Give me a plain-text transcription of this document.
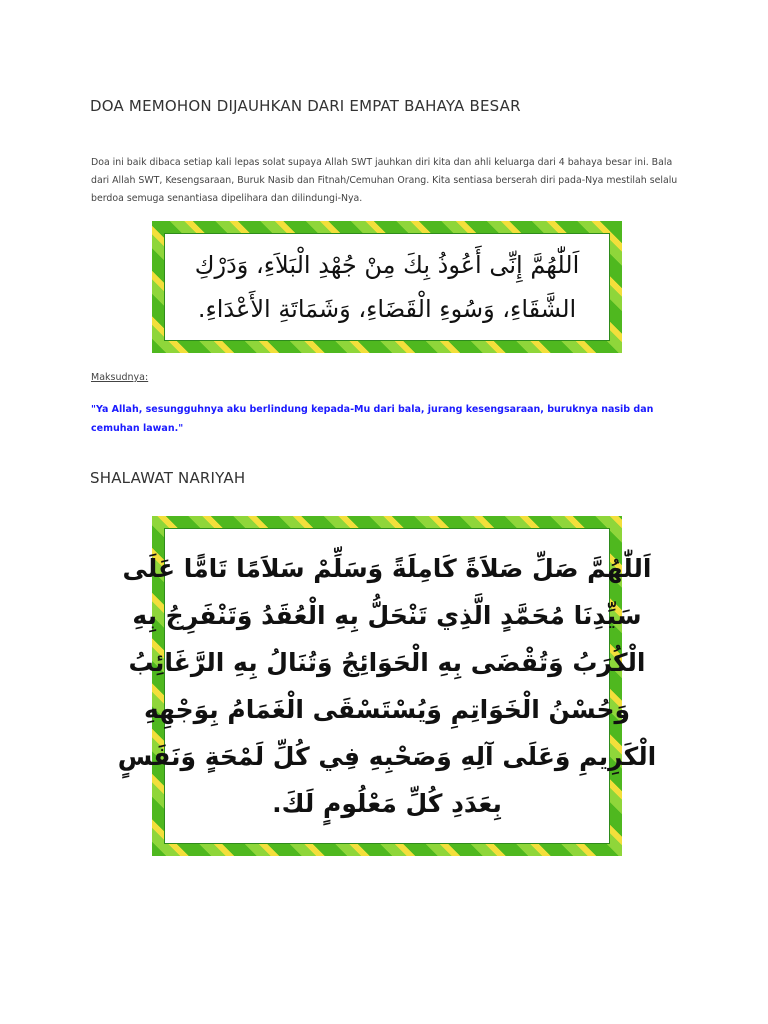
DOA MEMOHON DIJAUHKAN DARI EMPAT BAHAYA BESAR

Doa ini baik dibaca setiap kali lepas solat supaya Allah SWT jauhkan diri kita dan ahli keluarga dari 4 bahaya besar ini. Bala dari Allah SWT, Kesengsaraan, Buruk Nasib dan Fitnah/Cemuhan Orang. Kita sentiasa berserah diri pada-Nya mestilah selalu berdoa semuga senantiasa dipelihara dan dilindungi-Nya.

اَللّٰهُمَّ إِنِّى أَعُوذُ بِكَ مِنْ جُهْدِ الْبَلاَءِ، وَدَرْكِ
الشَّقَاءِ، وَسُوءِ الْقَضَاءِ، وَشَمَاتَةِ الأَعْدَاءِ.
Maksudnya:

"Ya Allah, sesungguhnya aku berlindung kepada-Mu dari bala, jurang kesengsaraan, buruknya nasib dan cemuhan lawan."

SHALAWAT NARIYAH
اَللّٰهُمَّ صَلِّ صَلاَةً كَامِلَةً وَسَلِّمْ سَلاَمًا تَامًّا عَلَى
سَيِّدِنَا مُحَمَّدٍ الَّذِي تَنْحَلُّ بِهِ الْعُقَدُ وَتَنْفَرِجُ بِهِ
الْكُرَبُ وَتُقْضَى بِهِ الْحَوَائِجُ وَتُنَالُ بِهِ الرَّغَائِبُ
وَحُسْنُ الْخَوَاتِمِ وَيُسْتَسْقَى الْغَمَامُ بِوَجْهِهِ
الْكَرِيمِ وَعَلَى آلِهِ وَصَحْبِهِ فِي كُلِّ لَمْحَةٍ وَنَفَسٍ
بِعَدَدِ كُلِّ مَعْلُومٍ لَكَ.
